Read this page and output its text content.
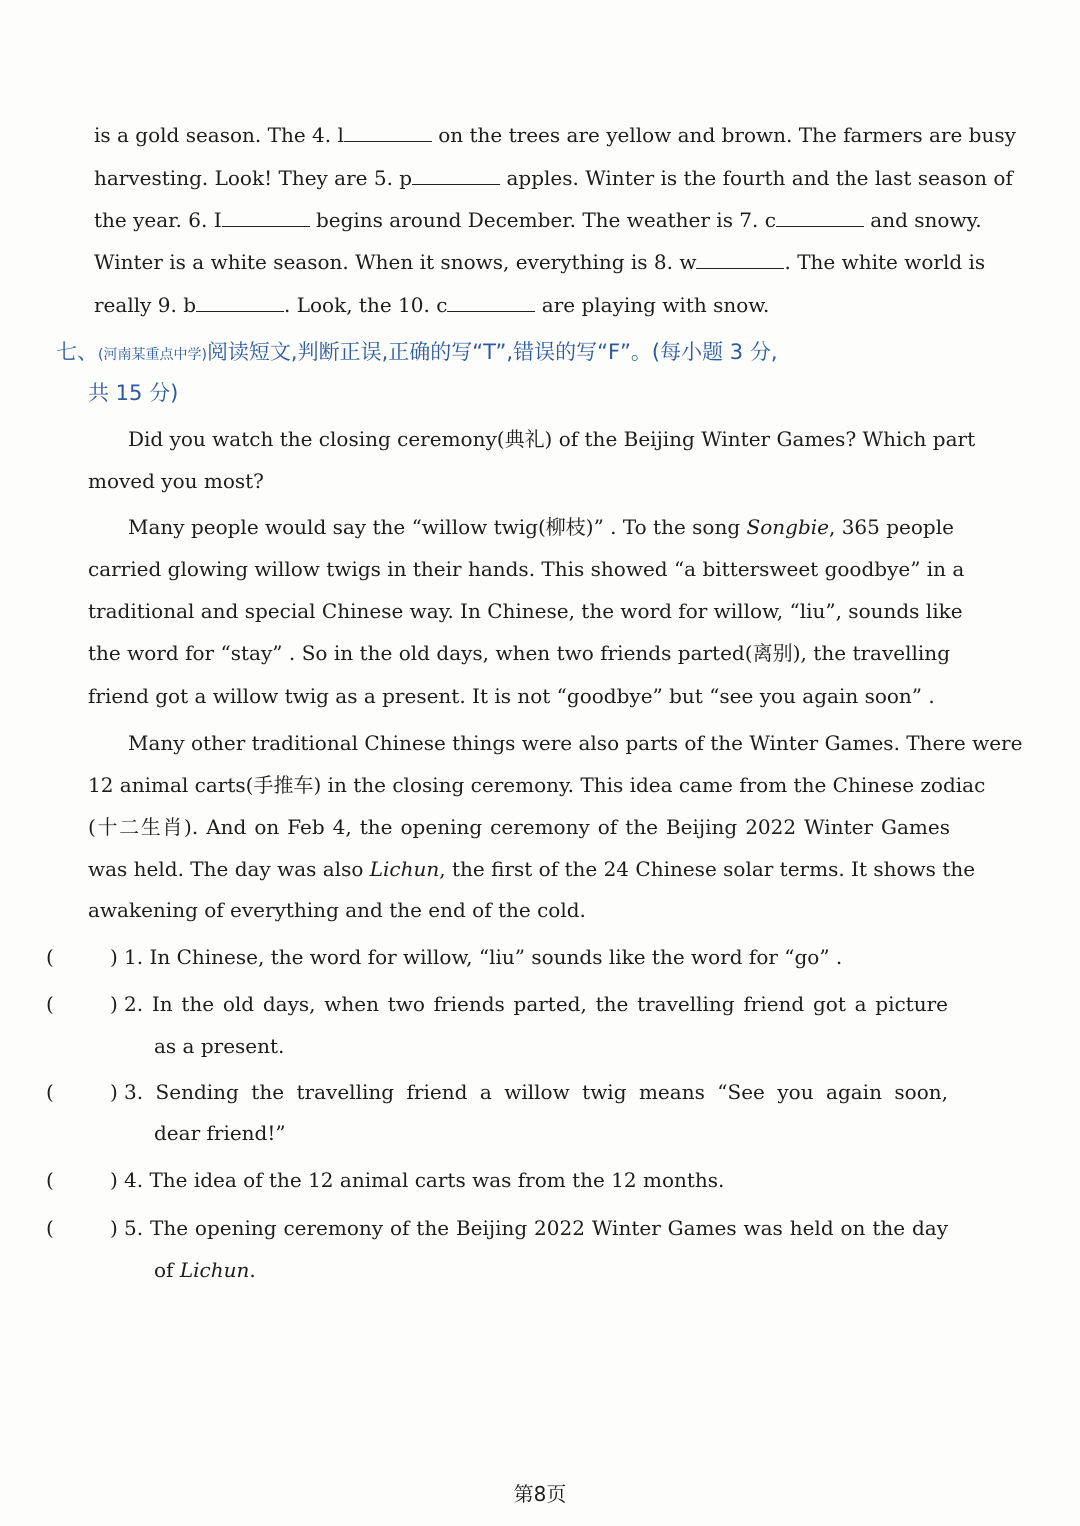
is a gold season. The 4. l	on the trees are yellow and brown. The farmers are busy
harvesting. Look! They are 5. p	apples. Winter is the fourth and the last season of
the year. 6. I	begins around December. The weather is 7. c	and snowy.
Winter is a white season. When it snows, everything is 8. w	. The white world is
really 9. b	. Look, the 10. c	are playing with snow.
七、(河南某重点中学)阅读短文,判断正误,正确的写“T”,错误的写“F”。(每小题 3 分,
共 15 分)
Did you watch the closing ceremony(典礼) of the Beijing Winter Games? Which part
moved you most?
Many people would say the “willow twig(柳枝)” . To the song Songbie, 365 people
carried glowing willow twigs in their hands. This showed “a bittersweet goodbye” in a
traditional and special Chinese way. In Chinese, the word for willow, “liu”, sounds like
the word for “stay” . So in the old days, when two friends parted(离别), the travelling
friend got a willow twig as a present. It is not “goodbye” but “see you again soon” .
Many other traditional Chinese things were also parts of the Winter Games. There were
12 animal carts(手推车) in the closing ceremony. This idea came from the Chinese zodiac
(十二生肖). And on Feb 4, the opening ceremony of the Beijing 2022 Winter Games
was held. The day was also Lichun, the first of the 24 Chinese solar terms. It shows the
awakening of everything and the end of the cold.
(	) 1. In Chinese, the word for willow, “liu” sounds like the word for “go” .
(	) 2. In the old days, when two friends parted, the travelling friend got a picture
as a present.
(	) 3. Sending the travelling friend a willow twig means “See you again soon,
dear friend!”
(	) 4. The idea of the 12 animal carts was from the 12 months.
(	) 5. The opening ceremony of the Beijing 2022 Winter Games was held on the day
of Lichun.
第8页
